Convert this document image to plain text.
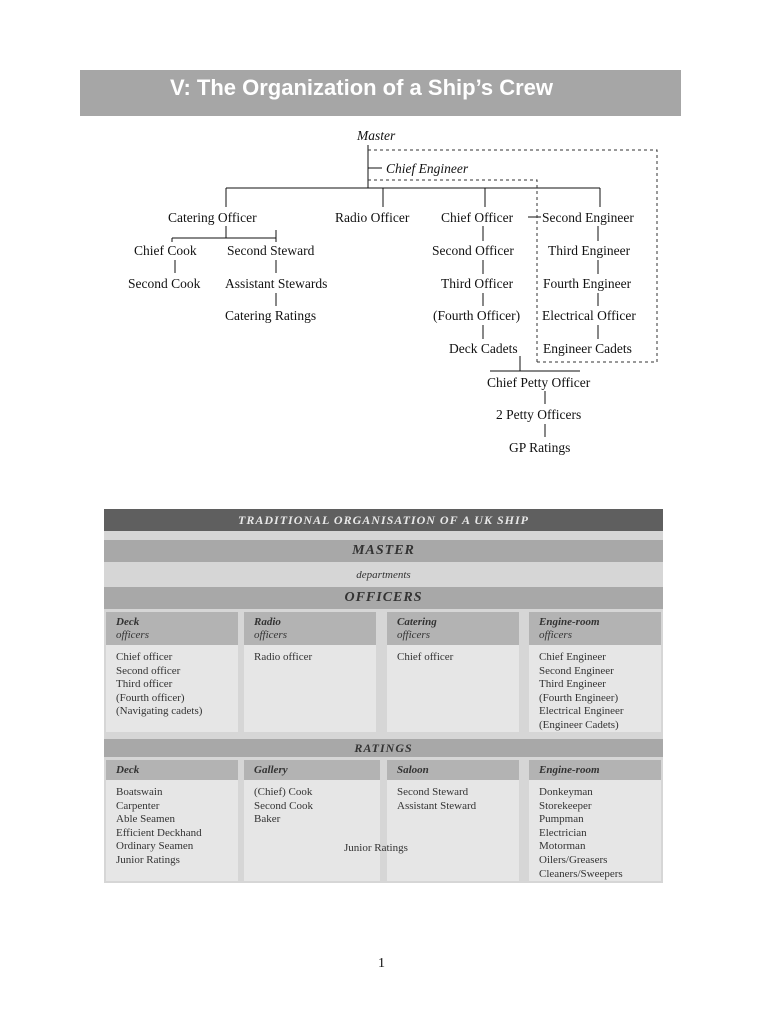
V: The Organization of a Ship’s Crew
Master
Chief Engineer
Catering Officer	Radio Officer Chief Officer Second Engineer
Chief Cook Second Steward
Second Cook Assistant Stewards
Catering Ratings
Second Officer
Third Officer
(Fourth Officer)
Deck Cadets
Third Engineer
Fourth Engineer
Electrical Officer
Engineer Cadets
Chief Petty Officer
2 Petty Officers
GP Ratings
TRADITIONAL ORGANISATION OF A UK SHIP
MASTER
departments
OFFICERS
Deck
officers
Chief officer
Second officer
Third officer
(Fourth officer)
(Navigating cadets)
Radio
officers
Radio officer
Catering
officers
Chief officer
Engine-room
officers
Chief Engineer
Second Engineer
Third Engineer
(Fourth Engineer)
Electrical Engineer
(Engineer Cadets)
RATINGS
Deck
Boatswain
Carpenter
Able Seamen
Efficient Deckhand
Ordinary Seamen
Junior Ratings
Gallery
(Chief) Cook
Second Cook
Baker
Saloon
Second Steward
Assistant Steward
Engine-room
Donkeyman
Storekeeper
Pumpman
Electrician
Motorman
Oilers/Greasers
Cleaners/Sweepers
Junior Ratings
1
